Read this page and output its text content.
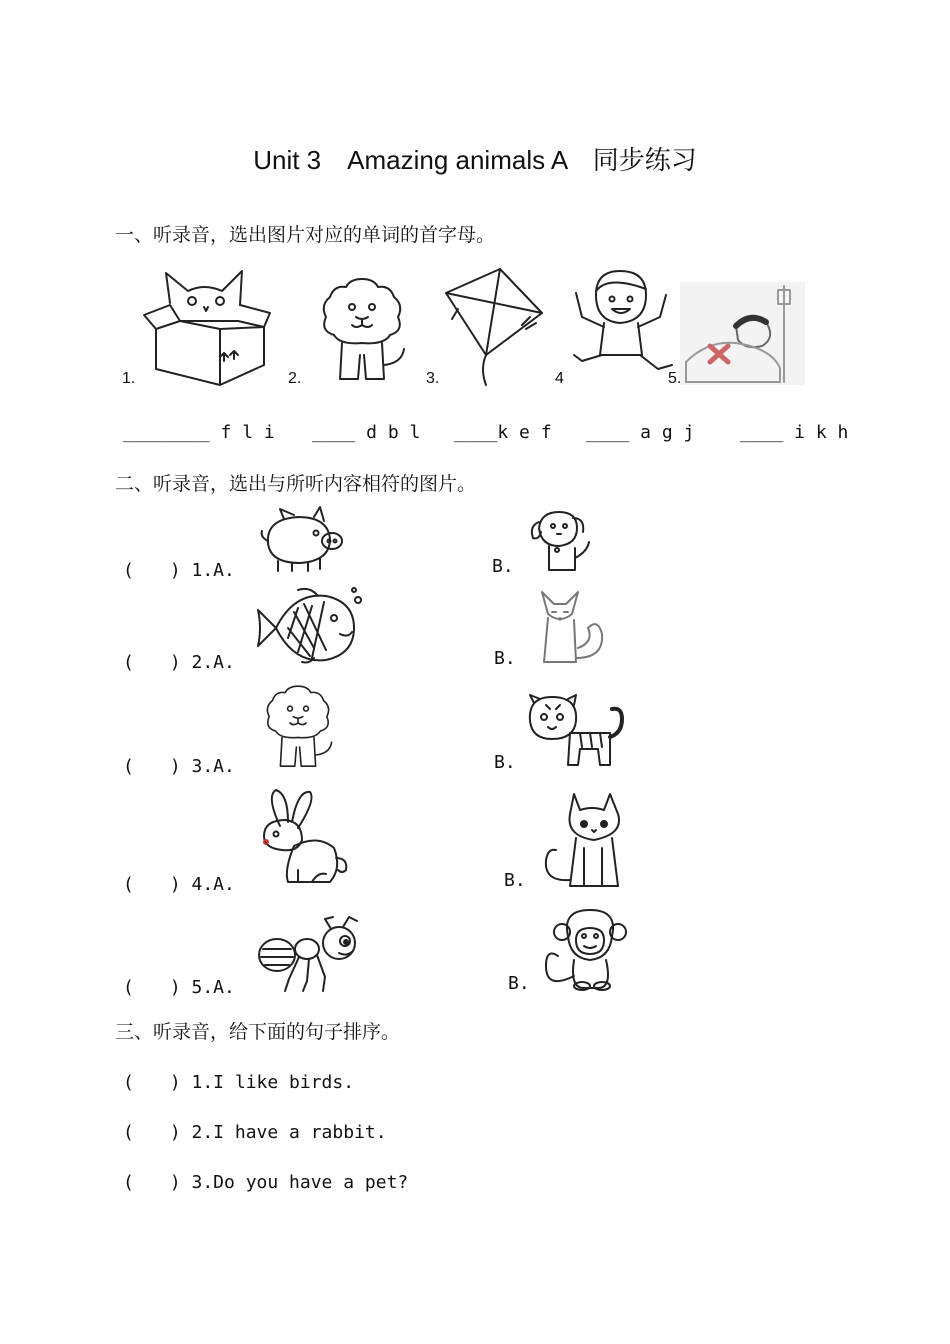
Unit 3　Amazing animals A　同步练习
一、听录音，选出图片对应的单词的首字母。
1.	2.	3.	4	5.
________ f l i ____ d b l ____k e f ____ a g j	____ i k h
二、听录音，选出与所听内容相符的图片。
(　　) 1.A.	B.
(　　) 2.A.	B.
(　　) 3.A.	B.
(　　) 4.A.	B.
(　　) 5.A.	B.
三、听录音，给下面的句子排序。
(　　) 1.I like birds.
(　　) 2.I have a rabbit.
(　　) 3.Do you have a pet?
